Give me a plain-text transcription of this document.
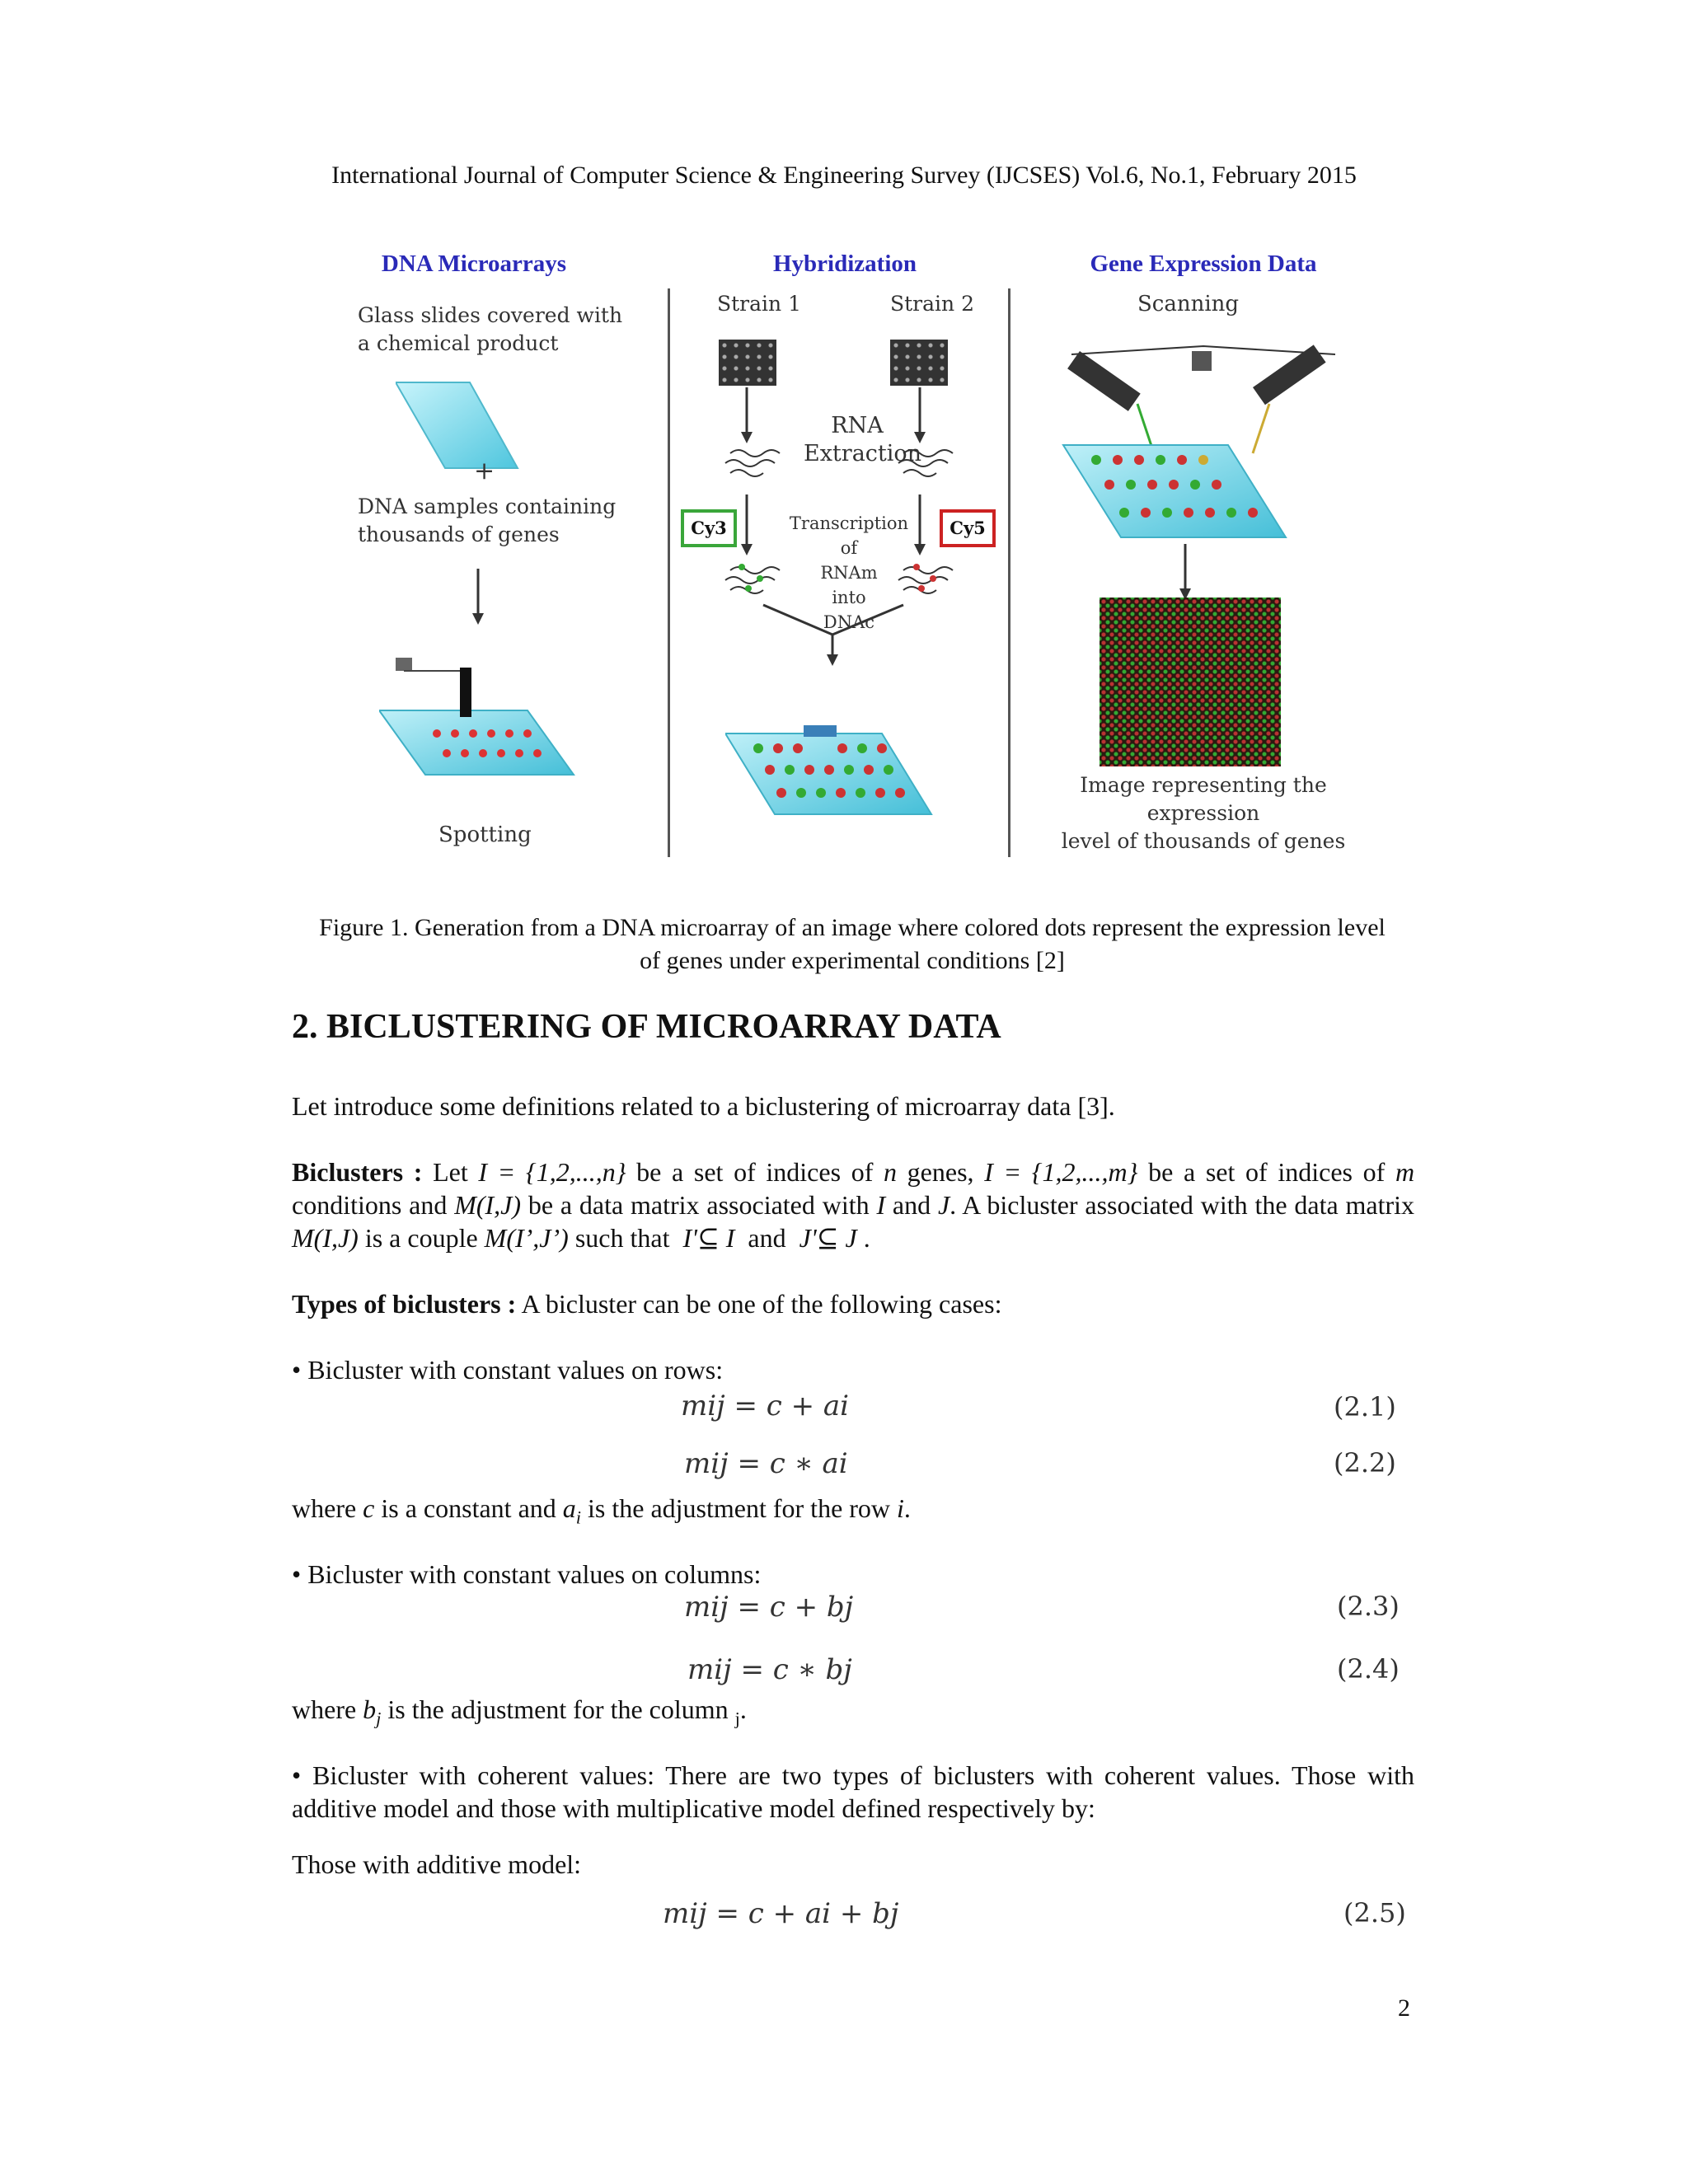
International Journal of Computer Science & Engineering Survey (IJCSES) Vol.6, No.1, February 2015
DNA Microarrays
Glass slides covered with
a chemical product
+
DNA samples containing
thousands of genes
Spotting
Hybridization
Strain 1	Strain 2
RNA
Extraction
Cy3	Cy5
Transcription
of
RNAm
into
DNAc
Gene Expression Data
Scanning
Image representing the expression
level of thousands of genes
Figure 1. Generation from a DNA microarray of an image where colored dots represent the expression level
of genes under experimental conditions [2]
2. BICLUSTERING OF MICROARRAY DATA
Let introduce some definitions related to a biclustering of microarray data [3].
Biclusters : Let I = {1,2,...,n} be a set of indices of n genes, I = {1,2,...,m} be a set of indices of m conditions and M(I,J) be a data matrix associated with I and J. A bicluster associated with the data matrix M(I,J) is a couple M(I’,J’) such that I'⊆ I and J'⊆ J .
Types of biclusters : A bicluster can be one of the following cases:
• Bicluster with constant values on rows:
mij = c + ai	(2.1)
mij = c ∗ ai	(2.2)
where c is a constant and $a_i$ is the adjustment for the row i.
• Bicluster with constant values on columns:
mij = c + bj	(2.3)
mij = c ∗ bj	(2.4)
where $b_j$ is the adjustment for the column $_j$.
• Bicluster with coherent values: There are two types of biclusters with coherent values. Those with additive model and those with multiplicative model defined respectively by:
Those with additive model:
mij = c + ai + bj	(2.5)
2
